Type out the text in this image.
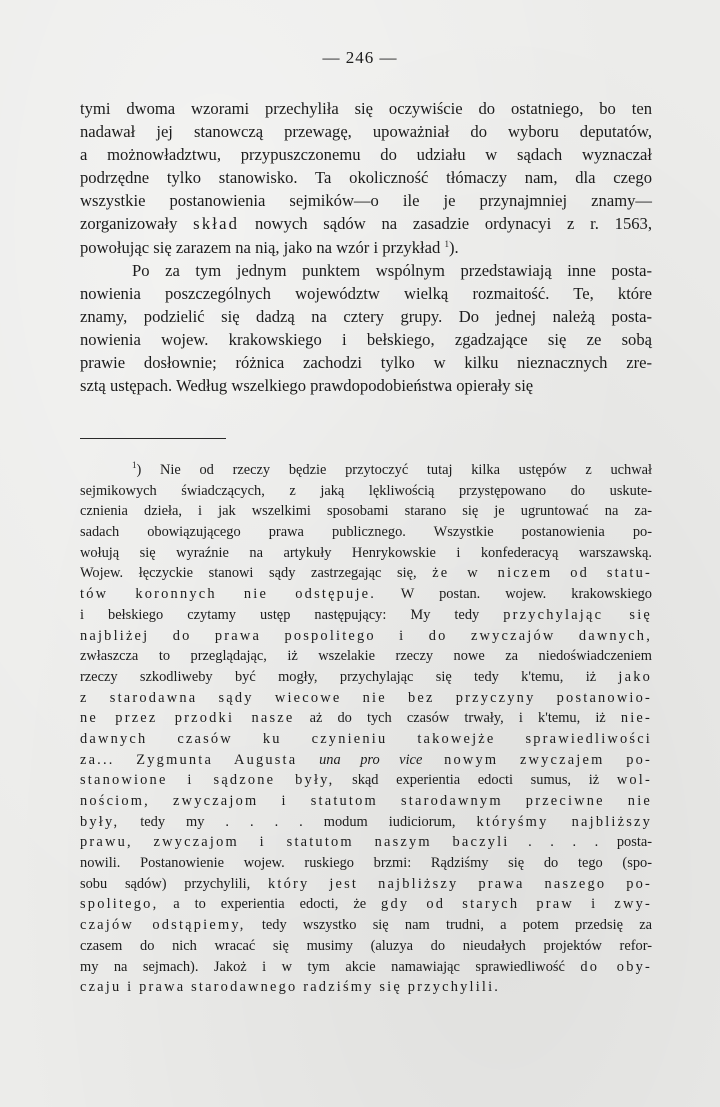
— 246 —
tymi dwoma wzorami przechyliła się oczywiście do ostatniego, bo ten
nadawał jej stanowczą przewagę, upoważniał do wyboru deputatów,
a możnowładztwu, przypuszczonemu do udziału w sądach wyznaczał
podrzędne tylko stanowisko. Ta okoliczność tłómaczy nam, dla czego
wszystkie postanowienia sejmików—o ile je przynajmniej znamy—
zorganizowały skład nowych sądów na zasadzie ordynacyi z r. 1563,
powołując się zarazem na nią, jako na wzór i przykład $^1$).
Po za tym jednym punktem wspólnym przedstawiają inne posta-
nowienia poszczególnych województw wielką rozmaitość. Te, które
znamy, podzielić się dadzą na cztery grupy. Do jednej należą posta-
nowienia wojew. krakowskiego i bełskiego, zgadzające się ze sobą
prawie dosłownie; różnica zachodzi tylko w kilku nieznacznych zre-
sztą ustępach. Według wszelkiego prawdopodobieństwa opierały się
$^1$) Nie od rzeczy będzie przytoczyć tutaj kilka ustępów z uchwał
sejmikowych świadczących, z jaką lękliwością przystępowano do uskute-
cznienia dzieła, i jak wszelkimi sposobami starano się je ugruntować na za-
sadach obowiązującego prawa publicznego. Wszystkie postanowienia po-
wołują się wyraźnie na artykuły Henrykowskie i konfederacyą warszawską.
Wojew. łęczyckie stanowi sądy zastrzegając się, że w niczem od statu-
tów koronnych nie odstępuje. W postan. wojew. krakowskiego
i bełskiego czytamy ustęp następujący: My tedy przychylając się
najbliżej do prawa pospolitego i do zwyczajów dawnych,
zwłaszcza to przeglądając, iż wszelakie rzeczy nowe za niedoświadczeniem
rzeczy szkodliweby być mogły, przychylając się tedy k'temu, iż jako
z starodawna sądy wiecowe nie bez przyczyny postanowio-
ne przez przodki nasze aż do tych czasów trwały, i k'temu, iż nie-
dawnych czasów ku czynieniu takowejże sprawiedliwości
za... Zygmunta Augusta una pro vice nowym zwyczajem po-
stanowione i sądzone były, skąd experientia edocti sumus, iż wol-
nościom, zwyczajom i statutom starodawnym przeciwne nie
były, tedy my . . . . modum iudiciorum, któryśmy najbliższy
prawu, zwyczajom i statutom naszym baczyli . . . . posta-
nowili. Postanowienie wojew. ruskiego brzmi: Rądziśmy się do tego (spo-
sobu sądów) przychylili, który jest najbliższy prawa naszego po-
spolitego, a to experientia edocti, że gdy od starych praw i zwy-
czajów odstąpiemy, tedy wszystko się nam trudni, a potem przedsię za
czasem do nich wracać się musimy (aluzya do nieudałych projektów refor-
my na sejmach). Jakoż i w tym akcie namawiając sprawiedliwość do oby-
czaju i prawa starodawnego radziśmy się przychylili.
